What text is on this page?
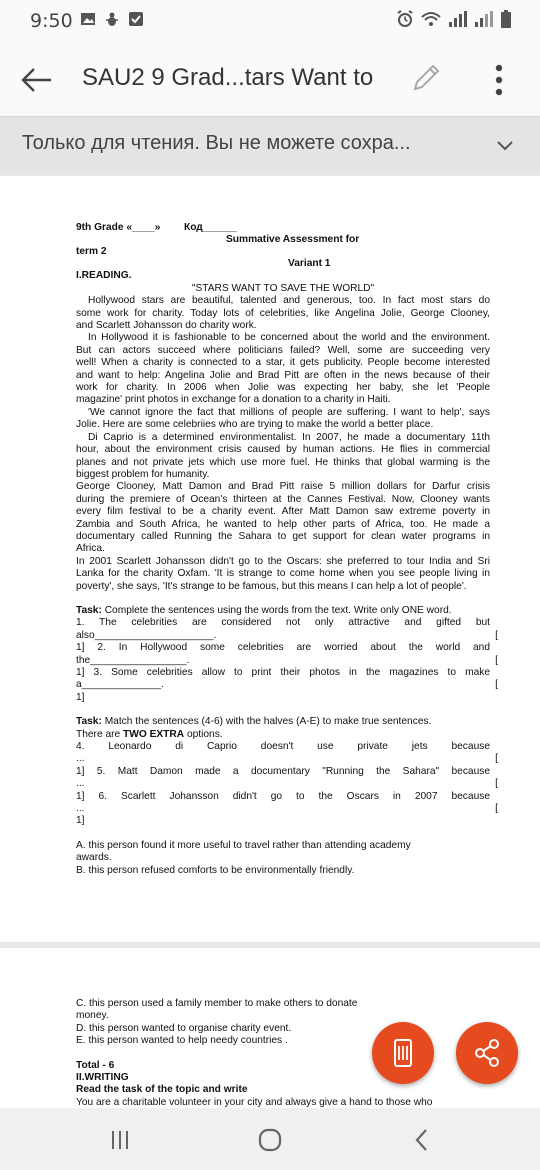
9:50
SAU2 9 Grad...tars Want to
Только для чтения. Вы не можете сохра...
9th Grade «____» Код______
Summative Assessment for
term 2
Variant 1
I.READING.
"STARS WANT TO SAVE THE WORLD"
Hollywood stars are beautiful, talented and generous, too. In fact most stars do
some work for charity. Today lots of celebrities, like Angelina Jolie, George Clooney,
and Scarlett Johansson do charity work.
In Hollywood it is fashionable to be concerned about the world and the environment.
But can actors succeed where politicians failed? Well, some are succeeding very
well! When a charity is connected to a star, it gets publicity. People become interested
and want to help: Angelina Jolie and Brad Pitt are often in the news because of their
work for charity. In 2006 when Jolie was expecting her baby, she let 'People
magazine' print photos in exchange for a donation to a charity in Haiti.
'We cannot ignore the fact that millions of people are suffering. I want to help', says
Jolie. Here are some celebriies who are trying to make the world a better place.
Di Caprio is a determined environmentalist. In 2007, he made a documentary 11th
hour, about the environment crisis caused by human actions. He flies in commercial
planes and not private jets which use more fuel. He thinks that global warming is the
biggest problem for humanity.
George Clooney, Matt Damon and Brad Pitt raise 5 million dollars for Darfur crisis
during the premiere of Ocean's thirteen at the Cannes Festival. Now, Clooney wants
every film festival to be a charity event. After Matt Damon saw extreme poverty in
Zambia and South Africa, he wanted to help other parts of Africa, too. He made a
documentary called Running the Sahara to get support for clean water programs in
Africa.
In 2001 Scarlett Johansson didn't go to the Oscars: she preferred to tour India and Sri
Lanka for the charity Oxfam. 'It is strange to come home when you see people living in
poverty', she says, 'It's strange to be famous, but this means I can help a lot of people'.
Task: Complete the sentences using the words from the text. Write only ONE word.
1. The celebrities are considered not only attractive and gifted but
also_____________________.	[
1] 2. In Hollywood some celebrities are worried about the world and
the_________________.	[
1] 3. Some celebrities allow to print their photos in the magazines to make
a______________.	[
1]
Task: Match the sentences (4-6) with the halves (A-E) to make true sentences.
There are TWO EXTRA options.
4. Leonardo di Caprio doesn't use private jets because
...	[
1] 5. Matt Damon made a documentary "Running the Sahara" because
...	[
1] 6. Scarlett Johansson didn't go to the Oscars in 2007 because
...	[
1]
A. this person found it more useful to travel rather than attending academy
awards.
B. this person refused comforts to be environmentally friendly.
C. this person used a family member to make others to donate
money.
D. this person wanted to organise charity event.
E. this person wanted to help needy countries .
Total - 6
II.WRITING
Read the task of the topic and write
You are a charitable volunteer in your city and always give a hand to those who
